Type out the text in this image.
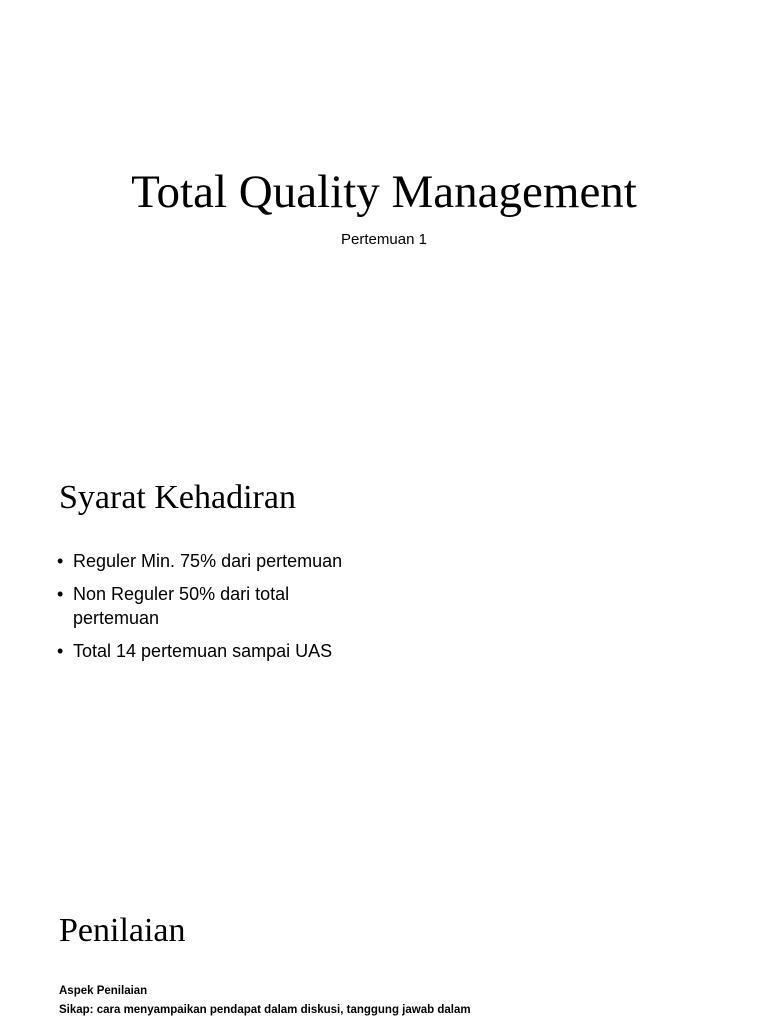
Total Quality Management

Pertemuan 1

Syarat Kehadiran
• Reguler Min. 75% dari pertemuan
• Non Reguler 50% dari total pertemuan
• Total 14 pertemuan sampai UAS
Penilaian

Aspek Penilaian

Sikap: cara menyampaikan pendapat dalam diskusi, tanggung jawab dalam
